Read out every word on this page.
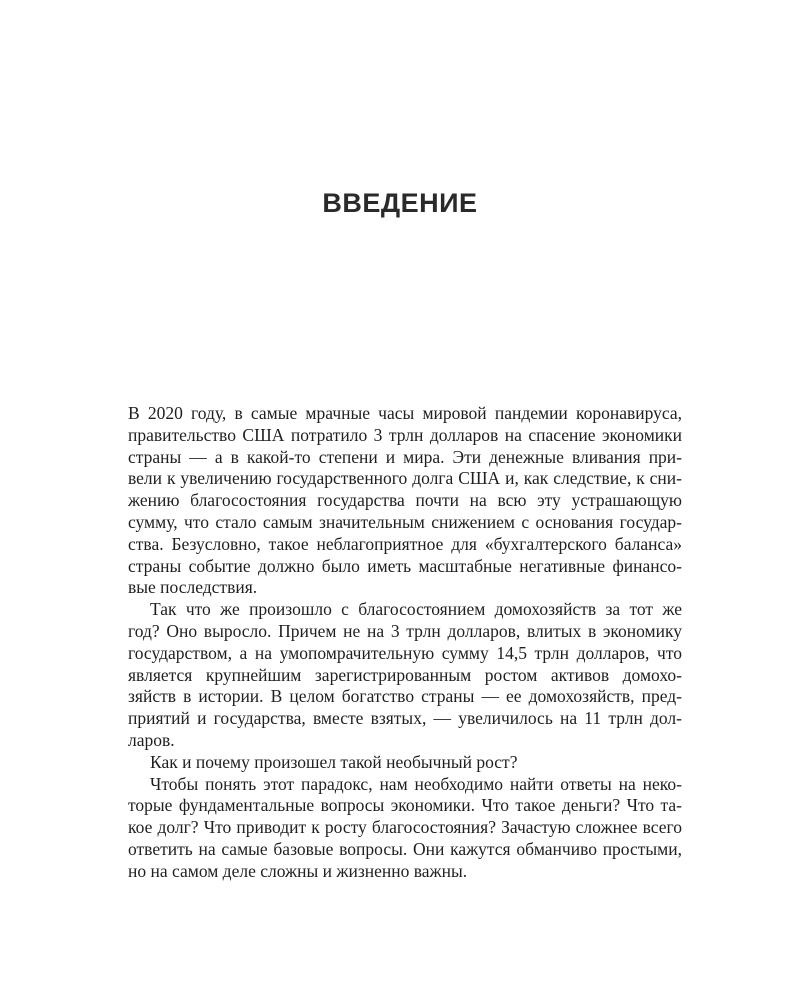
ВВЕДЕНИЕ
В 2020 году, в самые мрачные часы мировой пандемии коронавируса,
правительство США потратило 3 трлн долларов на спасение экономики
страны — а в какой-то степени и мира. Эти денежные вливания при-
вели к увеличению государственного долга США и, как следствие, к сни-
жению благосостояния государства почти на всю эту устрашающую
сумму, что стало самым значительным снижением с основания государ-
ства. Безусловно, такое неблагоприятное для «бухгалтерского баланса»
страны событие должно было иметь масштабные негативные финансо-
вые последствия.
Так что же произошло с благосостоянием домохозяйств за тот же
год? Оно выросло. Причем не на 3 трлн долларов, влитых в экономику
государством, а на умопомрачительную сумму 14,5 трлн долларов, что
является крупнейшим зарегистрированным ростом активов домохо-
зяйств в истории. В целом богатство страны — ее домохозяйств, пред-
приятий и государства, вместе взятых, — увеличилось на 11 трлн дол-
ларов.
Как и почему произошел такой необычный рост?
Чтобы понять этот парадокс, нам необходимо найти ответы на неко-
торые фундаментальные вопросы экономики. Что такое деньги? Что та-
кое долг? Что приводит к росту благосостояния? Зачастую сложнее всего
ответить на самые базовые вопросы. Они кажутся обманчиво простыми,
но на самом деле сложны и жизненно важны.
